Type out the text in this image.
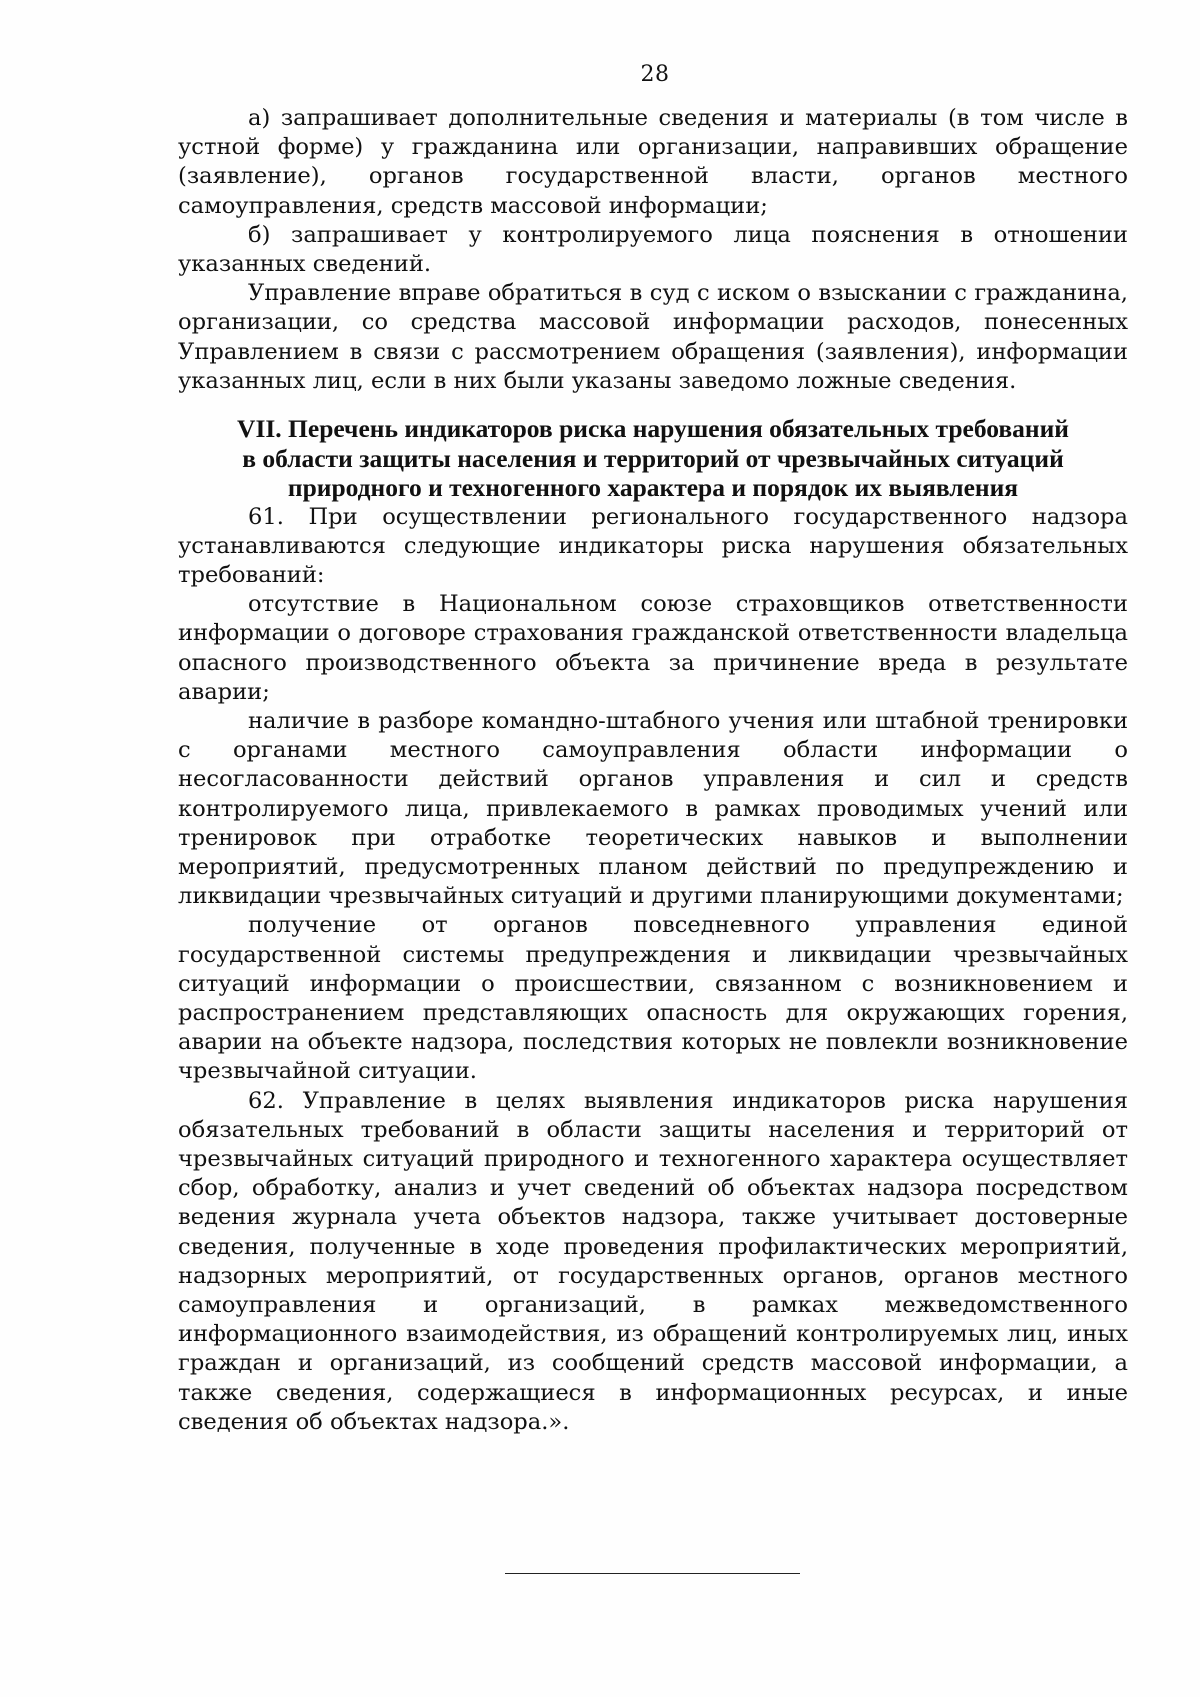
28

а) запрашивает дополнительные сведения и материалы (в том числе в устной форме) у гражданина или организации, направивших обращение (заявление), органов государственной власти, органов местного самоуправления, средств массовой информации;

б) запрашивает у контролируемого лица пояснения в отношении указанных сведений.

Управление вправе обратиться в суд с иском о взыскании с гражданина, организации, со средства массовой информации расходов, понесенных Управлением в связи с рассмотрением обращения (заявления), информации указанных лиц, если в них были указаны заведомо ложные сведения.

VII. Перечень индикаторов риска нарушения обязательных требований
в области защиты населения и территорий от чрезвычайных ситуаций
природного и техногенного характера и порядок их выявления

61. При осуществлении регионального государственного надзора устанавливаются следующие индикаторы риска нарушения обязательных требований:

отсутствие в Национальном союзе страховщиков ответственности информации о договоре страхования гражданской ответственности владельца опасного производственного объекта за причинение вреда в результате аварии;

наличие в разборе командно-штабного учения или штабной тренировки с органами местного самоуправления области информации о несогласованности действий органов управления и сил и средств контролируемого лица, привлекаемого в рамках проводимых учений или тренировок при отработке теоретических навыков и выполнении мероприятий, предусмотренных планом действий по предупреждению и ликвидации чрезвычайных ситуаций и другими планирующими документами;

получение от органов повседневного управления единой государственной системы предупреждения и ликвидации чрезвычайных ситуаций информации о происшествии, связанном с возникновением и распространением представляющих опасность для окружающих горения, аварии на объекте надзора, последствия которых не повлекли возникновение чрезвычайной ситуации.

62. Управление в целях выявления индикаторов риска нарушения обязательных требований в области защиты населения и территорий от чрезвычайных ситуаций природного и техногенного характера осуществляет сбор, обработку, анализ и учет сведений об объектах надзора посредством ведения журнала учета объектов надзора, также учитывает достоверные сведения, полученные в ходе проведения профилактических мероприятий, надзорных мероприятий, от государственных органов, органов местного самоуправления и организаций, в рамках межведомственного информационного взаимодействия, из обращений контролируемых лиц, иных граждан и организаций, из сообщений средств массовой информации, а также сведения, содержащиеся в информационных ресурсах, и иные сведения об объектах надзора.».
